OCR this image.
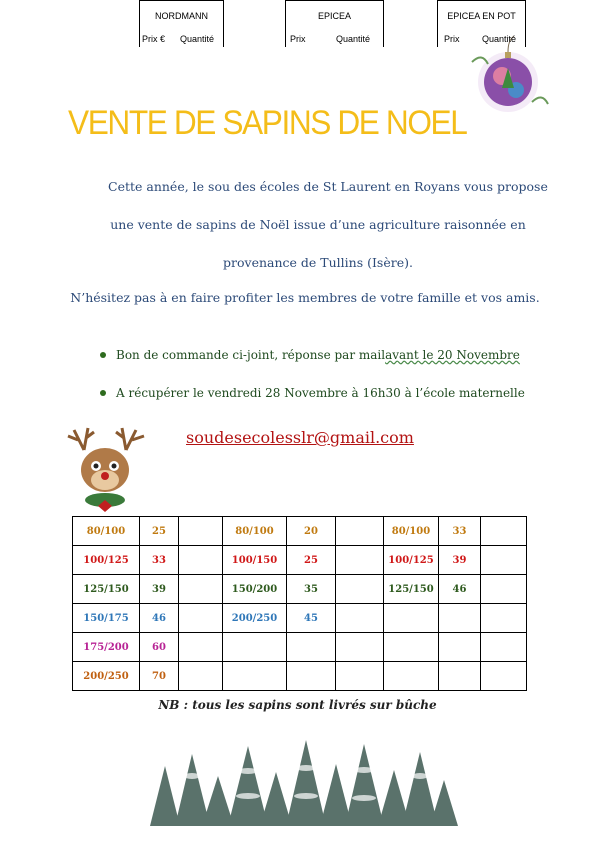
VENTE DE SAPINS DE NOEL
Cette année, le sou des écoles de St Laurent en Royans vous propose
une vente de sapins de Noël issue d’une agriculture raisonnée en
provenance de Tullins (Isère).
N’hésitez pas à en faire profiter les membres de votre famille et vos amis.
Bon de commande ci-joint, réponse par mail avant le 20 Novembre
A récupérer le vendredi 28 Novembre à 16h30 à l’école maternelle
soudesecolesslr@gmail.com
NORDMANN
Prix € Quantité
EPICEA
Prix	Quantité
EPICEA EN POT
Prix	Quantité
80/100	25		80/100	20		80/100	33	
100/125	33		100/150	25		100/125	39	
125/150	39		150/200	35		125/150	46	
150/175	46		200/250	45				
175/200	60							
200/250	70							
NB : tous les sapins sont livrés sur bûche
